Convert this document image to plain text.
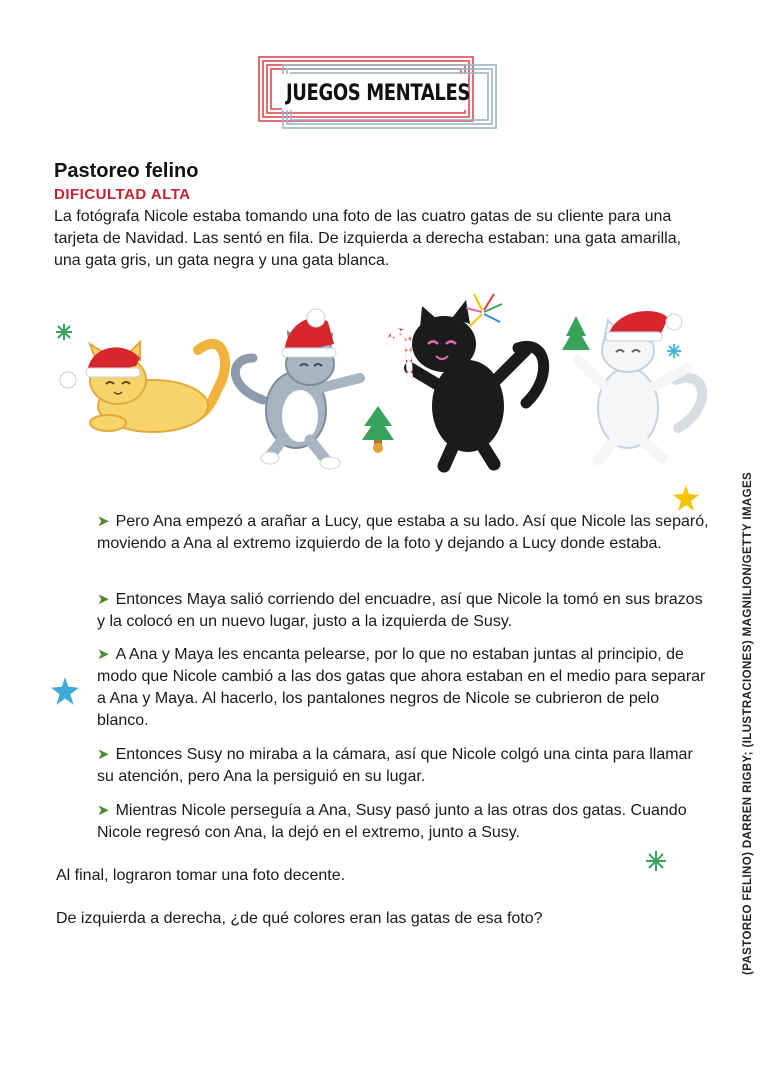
JUEGOS MENTALES
Pastoreo felino
DIFICULTAD ALTA

La fotógrafa Nicole estaba tomando una foto de las cuatro gatas de su cliente para una tarjeta de Navidad. Las sentó en fila. De izquierda a derecha estaban: una gata amarilla, una gata gris, un gata negra y una gata blanca.

➤ Pero Ana empezó a arañar a Lucy, que estaba a su lado. Así que Nicole las separó, moviendo a Ana al extremo izquierdo de la foto y dejando a Lucy donde estaba.

➤ Entonces Maya salió corriendo del encuadre, así que Nicole la tomó en sus brazos y la colocó en un nuevo lugar, justo a la izquierda de Susy.

➤ A Ana y Maya les encanta pelearse, por lo que no estaban juntas al principio, de modo que Nicole cambió a las dos gatas que ahora estaban en el medio para separar a Ana y Maya. Al hacerlo, los pantalones negros de Nicole se cubrieron de pelo blanco.

➤ Entonces Susy no miraba a la cámara, así que Nicole colgó una cinta para llamar su atención, pero Ana la persiguió en su lugar.

➤ Mientras Nicole perseguía a Ana, Susy pasó junto a las otras dos gatas. Cuando Nicole regresó con Ana, la dejó en el extremo, junto a Susy.

Al final, lograron tomar una foto decente.

De izquierda a derecha, ¿de qué colores eran las gatas de esa foto?	(PASTOREO FELINO) DARREN RIGBY; (ILUSTRACIONES) MAGNILION/GETTY IMAGES
